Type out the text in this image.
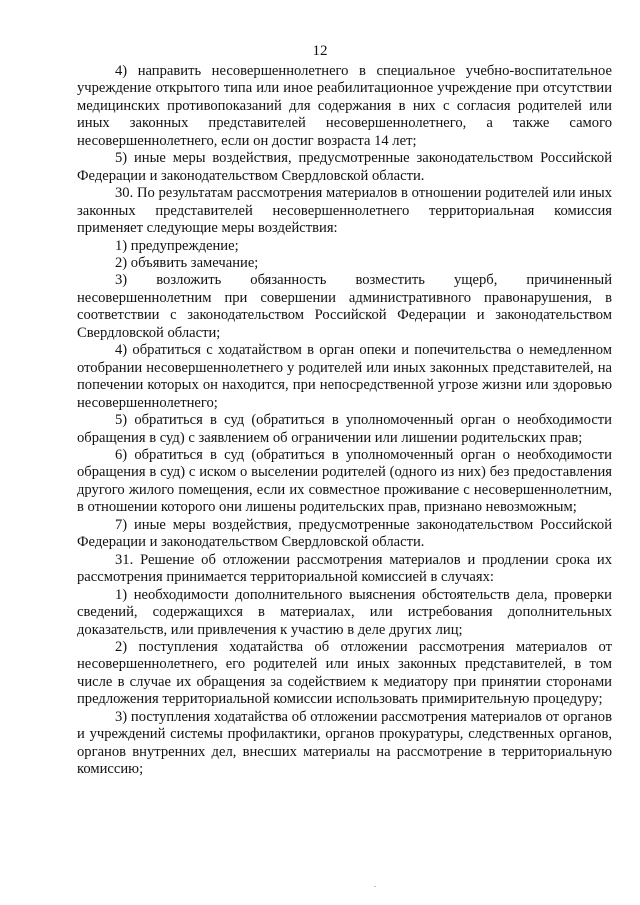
12

4) направить несовершеннолетнего в специальное учебно-воспитательное учреждение открытого типа или иное реабилитационное учреждение при отсутствии медицинских противопоказаний для содержания в них с согласия родителей или иных законных представителей несовершеннолетнего, а также самого несовершеннолетнего, если он достиг возраста 14 лет;

5) иные меры воздействия, предусмотренные законодательством Российской Федерации и законодательством Свердловской области.

30. По результатам рассмотрения материалов в отношении родителей или иных законных представителей несовершеннолетнего территориальная комиссия применяет следующие меры воздействия:

1) предупреждение;

2) объявить замечание;

3) возложить обязанность возместить ущерб, причиненный несовершеннолетним при совершении административного правонарушения, в соответствии с законодательством Российской Федерации и законодательством Свердловской области;

4) обратиться с ходатайством в орган опеки и попечительства о немедленном отобрании несовершеннолетнего у родителей или иных законных представителей, на попечении которых он находится, при непосредственной угрозе жизни или здоровью несовершеннолетнего;

5) обратиться в суд (обратиться в уполномоченный орган о необходимости обращения в суд) с заявлением об ограничении или лишении родительских прав;

6) обратиться в суд (обратиться в уполномоченный орган о необходимости обращения в суд) с иском о выселении родителей (одного из них) без предоставления другого жилого помещения, если их совместное проживание с несовершеннолетним, в отношении которого они лишены родительских прав, признано невозможным;

7) иные меры воздействия, предусмотренные законодательством Российской Федерации и законодательством Свердловской области.

31. Решение об отложении рассмотрения материалов и продлении срока их рассмотрения принимается территориальной комиссией в случаях:

1) необходимости дополнительного выяснения обстоятельств дела, проверки сведений, содержащихся в материалах, или истребования дополнительных доказательств, или привлечения к участию в деле других лиц;

2) поступления ходатайства об отложении рассмотрения материалов от несовершеннолетнего, его родителей или иных законных представителей, в том числе в случае их обращения за содействием к медиатору при принятии сторонами предложения территориальной комиссии использовать примирительную процедуру;

3) поступления ходатайства об отложении рассмотрения материалов от органов и учреждений системы профилактики, органов прокуратуры, следственных органов, органов внутренних дел, внесших материалы на рассмотрение в территориальную комиссию;
